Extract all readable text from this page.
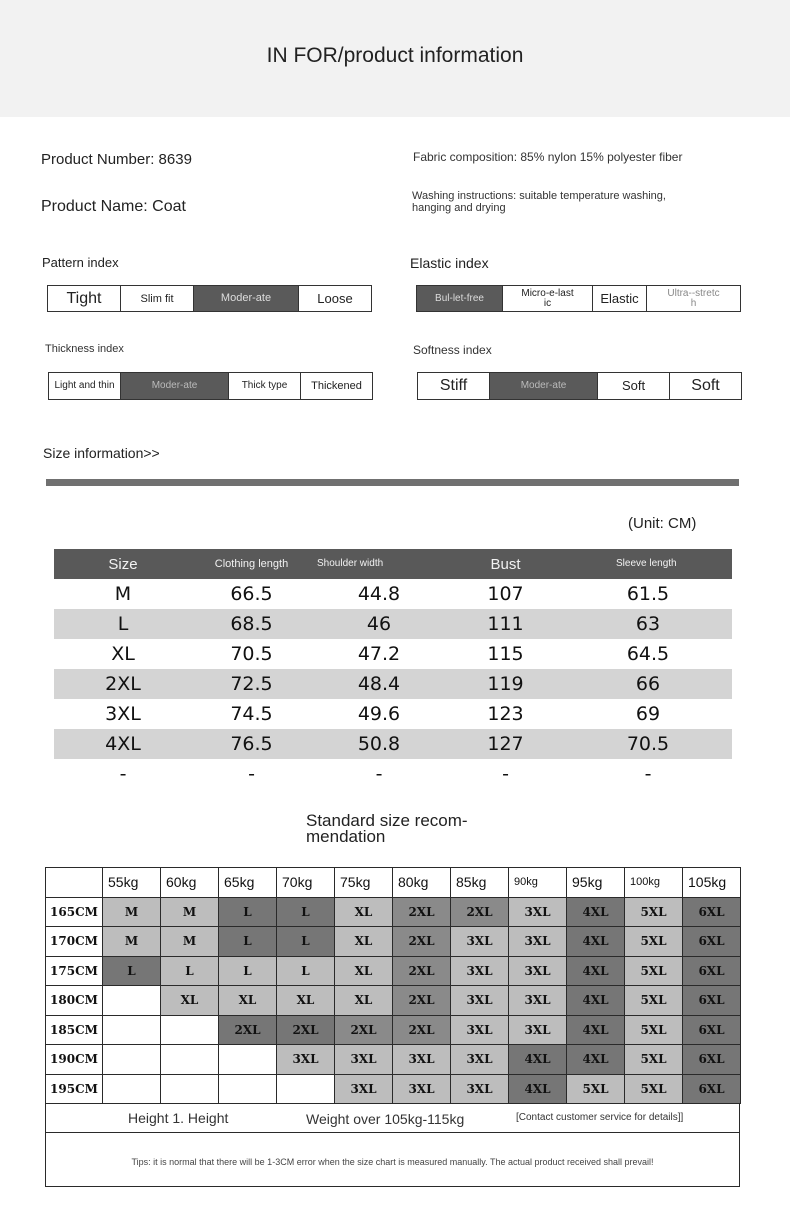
IN FOR/product information
Product Number: 8639
Product Name: Coat
Fabric composition: 85% nylon 15% polyester fiber
Washing instructions: suitable temperature washing,
hanging and drying
Pattern index
Tight	Slim fit	Moder-ate	Loose
Elastic index
Bul-let-free	Micro-e-lastic	Elastic	Ultra--stretch
Thickness index
Light and thin	Moder-ate	Thick type	Thickened
Softness index
Stiff	Moder-ate	Soft	Soft
Size information>>
(Unit: CM)
Size	Clothing length	Shoulder width	Bust	Sleeve length
M	66.5	44.8	107	61.5
L	68.5	46	111	63
XL	70.5	47.2	115	64.5
2XL	72.5	48.4	119	66
3XL	74.5	49.6	123	69
4XL	76.5	50.8	127	70.5
-	-	-	-	-
Standard size recom-
mendation
	55kg	60kg	65kg	70kg	75kg	80kg	85kg	90kg	95kg	100kg	105kg
165CM	M	M	L	L	XL	2XL	2XL	3XL	4XL	5XL	6XL
170CM	M	M	L	L	XL	2XL	3XL	3XL	4XL	5XL	6XL
175CM	L	L	L	L	XL	2XL	3XL	3XL	4XL	5XL	6XL
180CM		XL	XL	XL	XL	2XL	3XL	3XL	4XL	5XL	6XL
185CM			2XL	2XL	2XL	2XL	3XL	3XL	4XL	5XL	6XL
190CM				3XL	3XL	3XL	3XL	4XL	4XL	5XL	6XL
195CM					3XL	3XL	3XL	4XL	5XL	5XL	6XL
Height 1. Height	Weight over 105kg-115kg	[Contact customer service for details]]
Tips: it is normal that there will be 1-3CM error when the size chart is measured manually. The actual product received shall prevail!
